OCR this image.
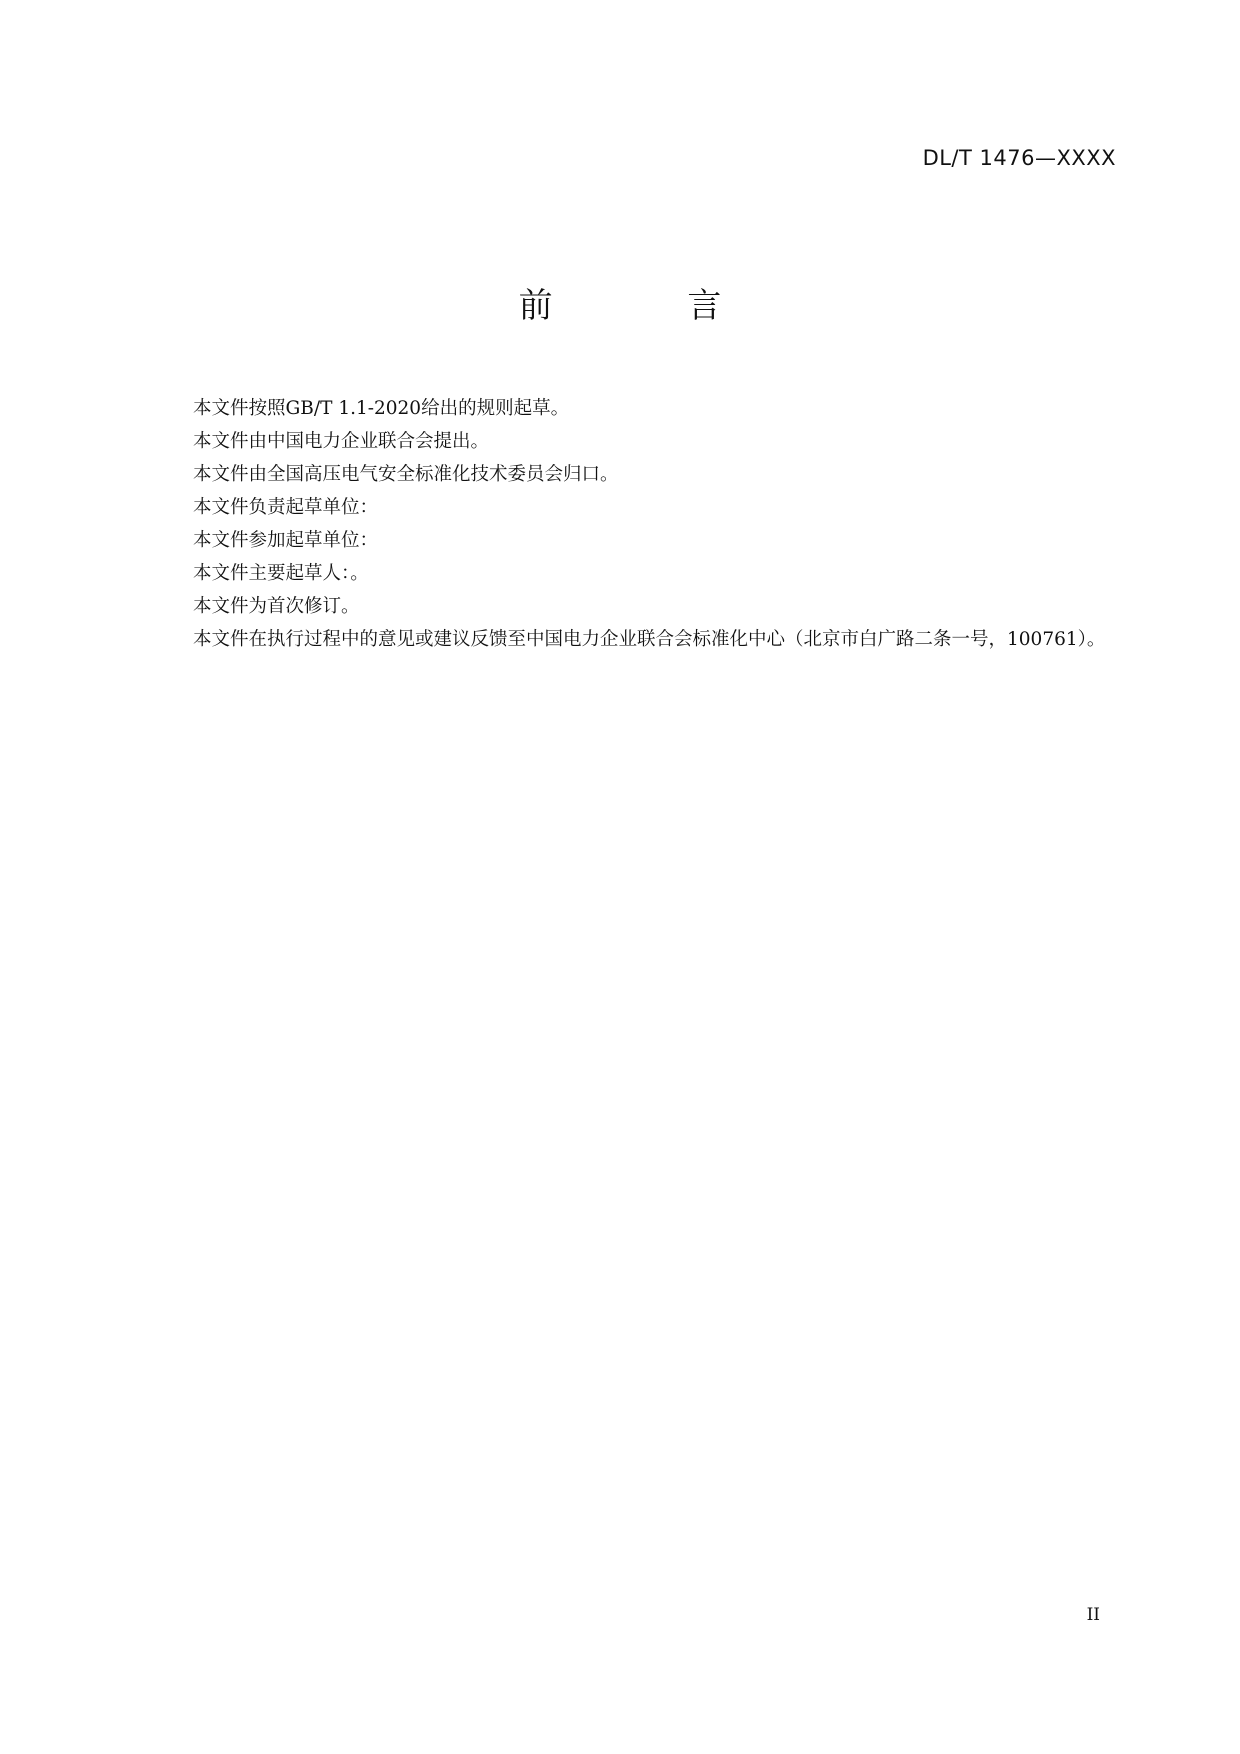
DL/T 1476—XXXX
前 言

本文件按照GB/T 1.1-2020给出的规则起草。

本文件由中国电力企业联合会提出。

本文件由全国高压电气安全标准化技术委员会归口。

本文件负责起草单位：

本文件参加起草单位：

本文件主要起草人：。

本文件为首次修订。

本文件在执行过程中的意见或建议反馈至中国电力企业联合会标准化中心（北京市白广路二条一号，100761）。

II
